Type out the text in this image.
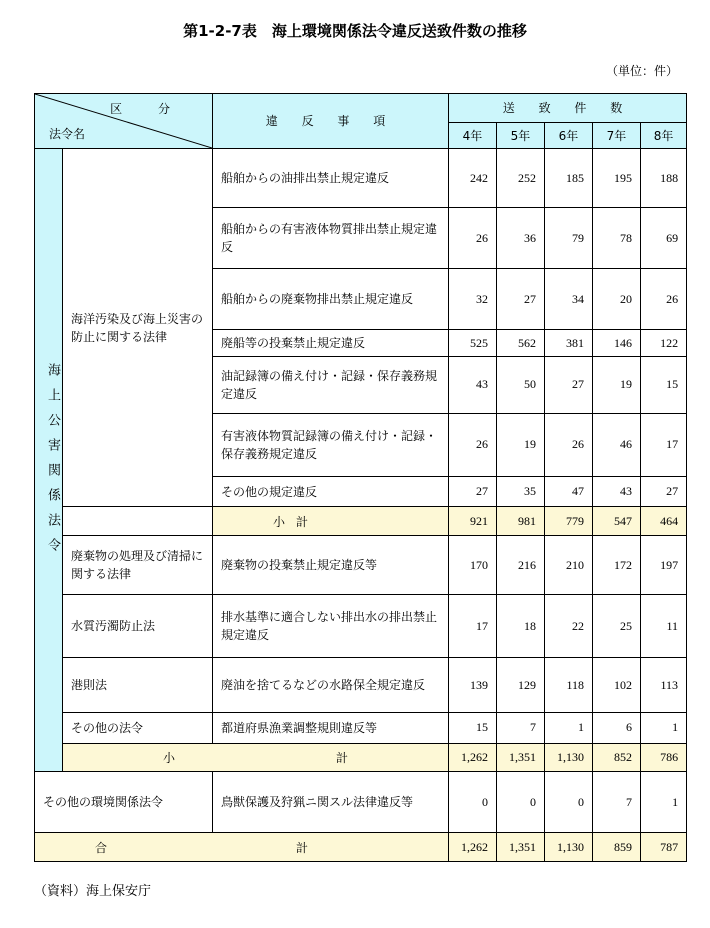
第1-2-7表　海上環境関係法令違反送致件数の推移
（単位：件）
区 分
法令名		違 反 事 項	送 致 件 数				
			4年	5年	6年	7年	8年
海上公害関係法令	海洋汚染及び海上災害の防止に関する法律	船舶からの油排出禁止規定違反	242	252	185	195	188
		船舶からの有害液体物質排出禁止規定違反	26	36	79	78	69
		船舶からの廃棄物排出禁止規定違反	32	27	34	20	26
		廃船等の投棄禁止規定違反	525	562	381	146	122
		油記録簿の備え付け・記録・保存義務規定違反	43	50	27	19	15
		有害液体物質記録簿の備え付け・記録・保存義務規定違反	26	19	26	46	17
		その他の規定違反	27	35	47	43	27

		小 計	921	981	779	547	464
	廃棄物の処理及び清掃に関する法律	廃棄物の投棄禁止規定違反等	170	216	210	172	197
	水質汚濁防止法	排水基準に適合しない排出水の排出禁止規定違反	17	18	22	25	11
	港則法	廃油を捨てるなどの水路保全規定違反	139	129	118	102	113
	その他の法令	都道府県漁業調整規則違反等	15	7	1	6	1

	小 計		1,262	1,351	1,130	852	786
その他の環境関係法令		鳥獣保護及狩猟ニ関スル法律違反等	0	0	0	7	1

合 計			1,262	1,351	1,130	859	787
（資料）海上保安庁
